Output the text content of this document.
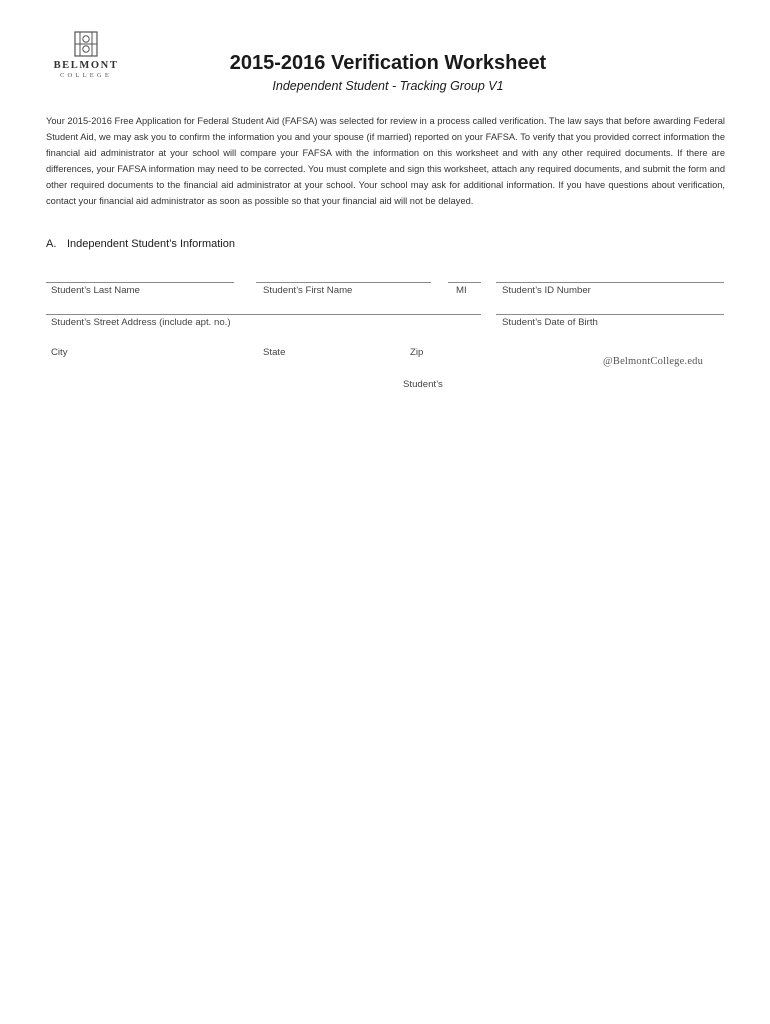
BELMONT
COLLEGE
2015-2016 Verification Worksheet
Independent Student - Tracking Group V1
Your 2015-2016 Free Application for Federal Student Aid (FAFSA) was selected for review in a process called verification. The law says that before awarding Federal Student Aid, we may ask you to confirm the information you and your spouse (if married) reported on your FAFSA. To verify that you provided correct information the financial aid administrator at your school will compare your FAFSA with the information on this worksheet and with any other required documents. If there are differences, your FAFSA information may need to be corrected. You must complete and sign this worksheet, attach any required documents, and submit the form and other required documents to the financial aid administrator at your school. Your school may ask for additional information. If you have questions about verification, contact your financial aid administrator as soon as possible so that your financial aid will not be delayed.
A. Independent Student’s Information
Student’s Last Name	Student’s First Name	MI	Student’s ID Number
Student’s Street Address (include apt. no.)	Student’s Date of Birth
City	State	Zip
@BelmontCollege.edu
Student’s
